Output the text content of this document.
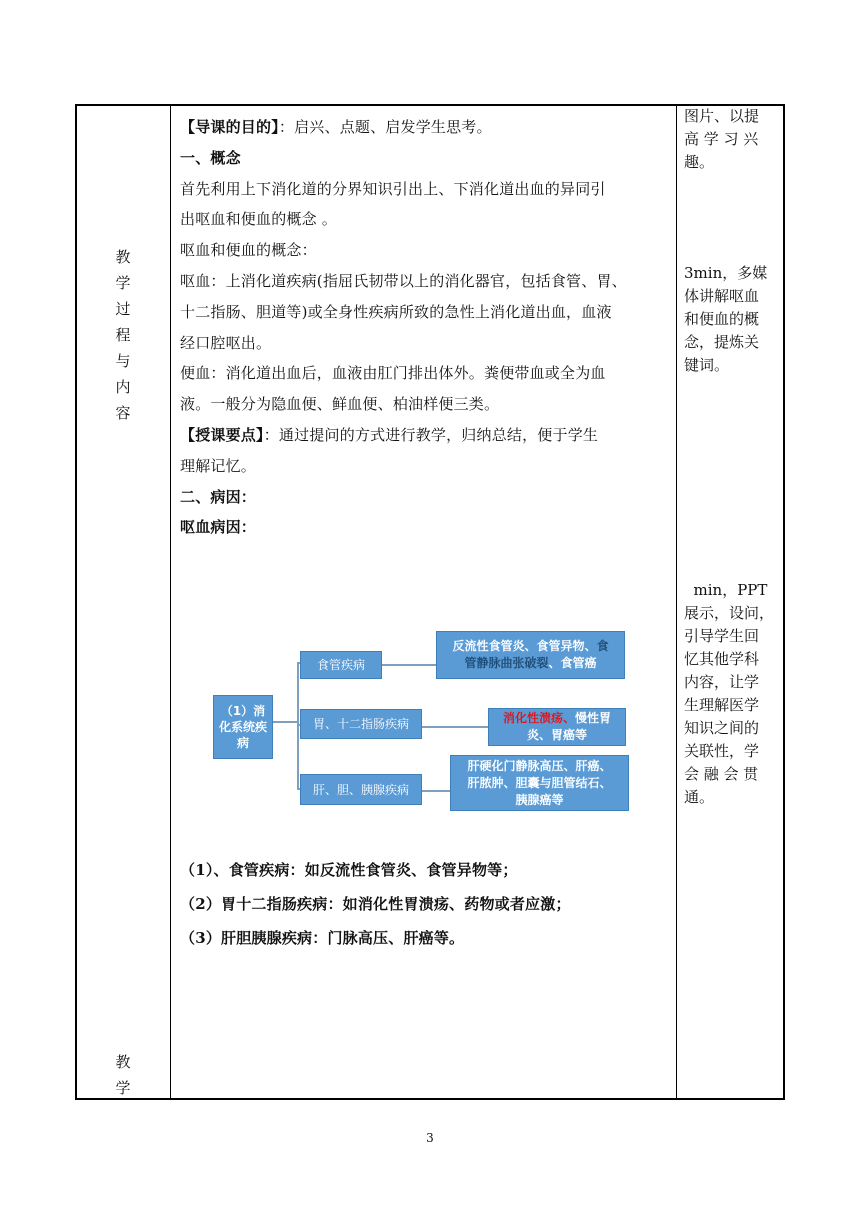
教
学
过
程
与
内
容
教
学
【导课的目的】：启兴、点题、启发学生思考。
一、概念
首先利用上下消化道的分界知识引出上、下消化道出血的异同引
出呕血和便血的概念 。
呕血和便血的概念：
呕血：上消化道疾病(指屈氏韧带以上的消化器官，包括食管、胃、
十二指肠、胆道等)或全身性疾病所致的急性上消化道出血，血液
经口腔呕出。
便血：消化道出血后，血液由肛门排出体外。粪便带血或全为血
液。一般分为隐血便、鲜血便、柏油样便三类。
【授课要点】：通过提问的方式进行教学，归纳总结，便于学生
理解记忆。
二、病因：
呕血病因：
（1）消
化系统疾
病
食管疾病
胃、十二指肠疾病
肝、胆、胰腺疾病
反流性食管炎、食管异物、食
管静脉曲张破裂、食管癌
消化性溃疡、慢性胃
炎、胃癌等
肝硬化门静脉高压、肝癌、
肝脓肿、胆囊与胆管结石、
胰腺癌等
（1）、食管疾病：如反流性食管炎、食管异物等；
（2）胃十二指肠疾病：如消化性胃溃疡、药物或者应激；
（3）肝胆胰腺疾病：门脉高压、肝癌等。
图片、以提
高 学 习 兴
趣。
3min，多媒
体讲解呕血
和便血的概
念，提炼关
键词。
min，PPT
展示，设问，
引导学生回
忆其他学科
内容，让学
生理解医学
知识之间的
关联性，学
会 融 会 贯
通。
3
